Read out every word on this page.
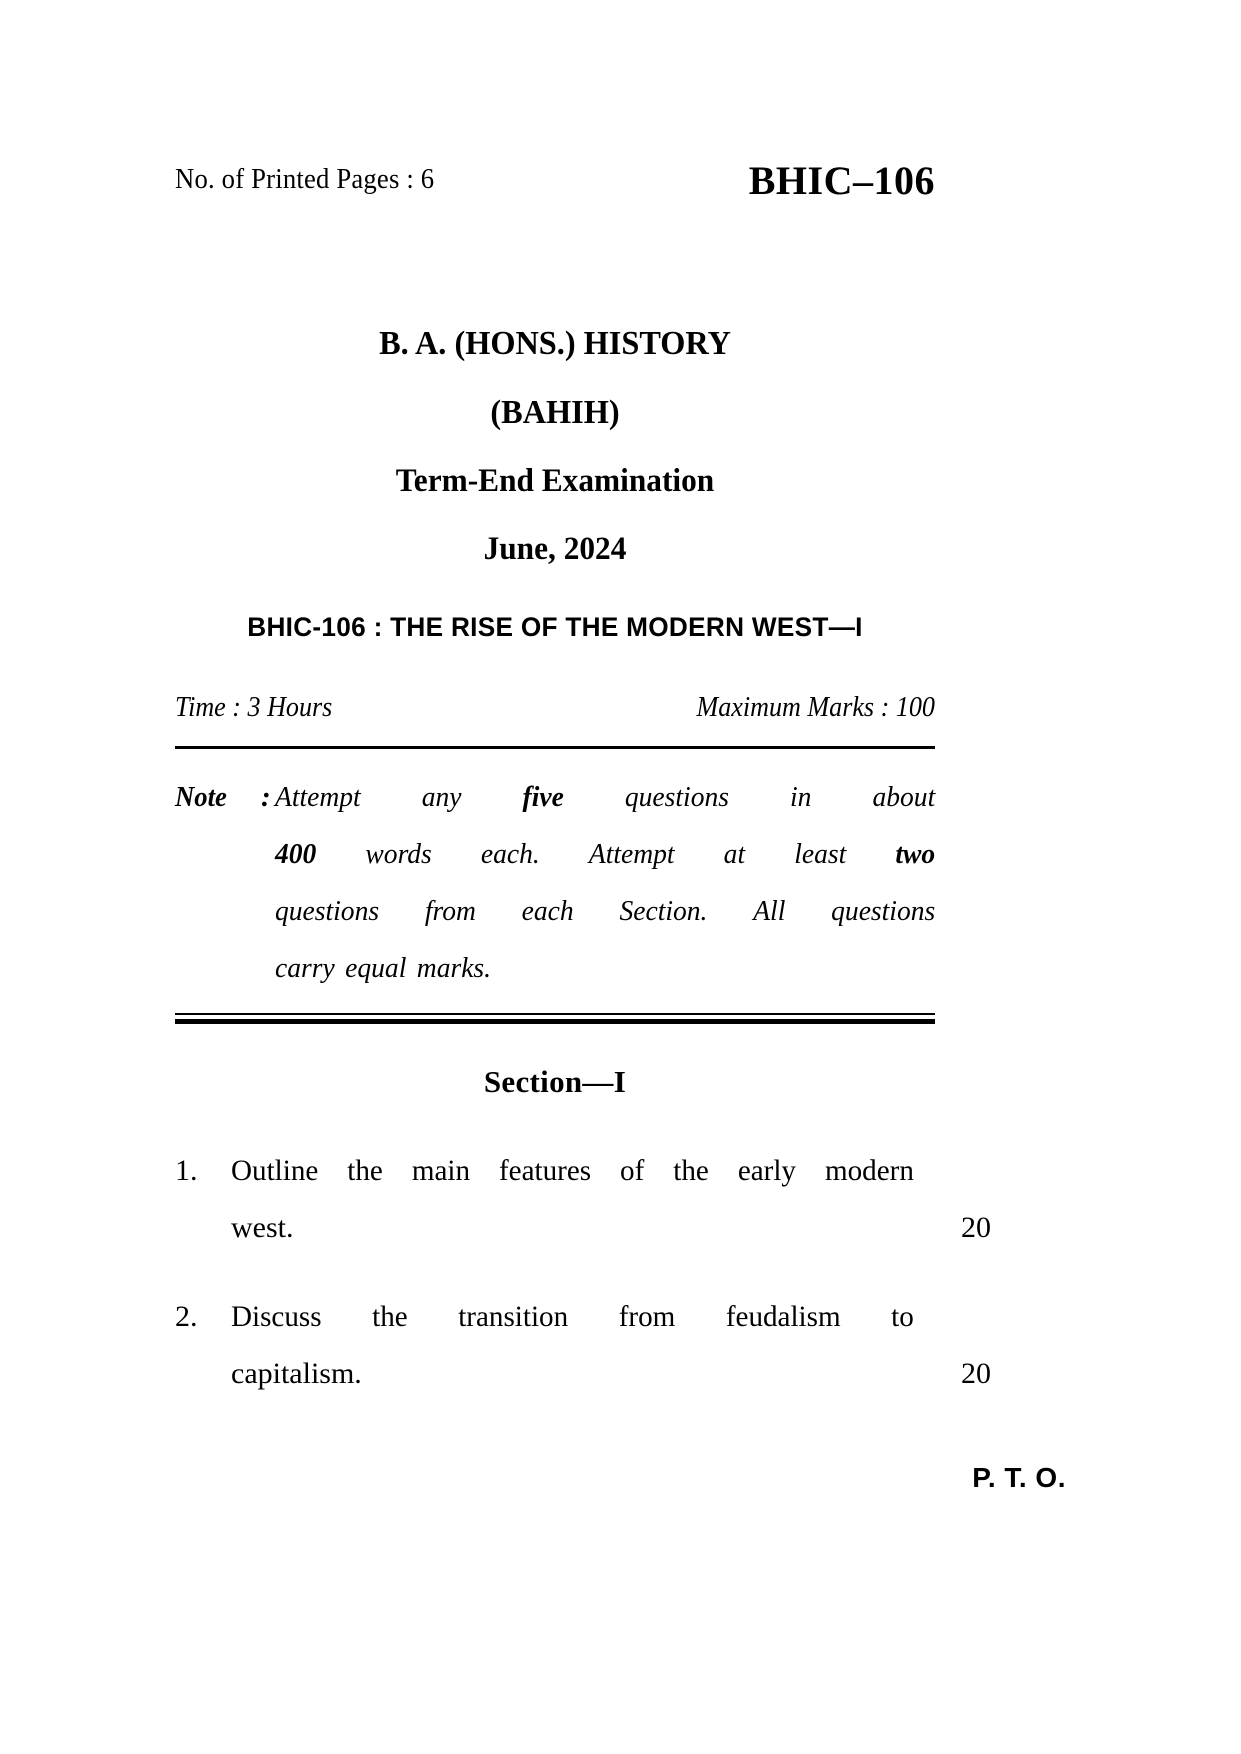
No. of Printed Pages : 6	BHIC–106
B. A. (HONS.) HISTORY
(BAHIH)
Term-End Examination
June, 2024
BHIC-106 : THE RISE OF THE MODERN WEST—I
Time : 3 Hours	Maximum Marks : 100
Note : Attempt any five questions in about
400 words each. Attempt at least two
questions from each Section. All questions
carry equal marks.
Section—I
1.	Outline the main features of the early modern
west.	20
2.	Discuss the transition from feudalism to
capitalism.	20
P. T. O.
